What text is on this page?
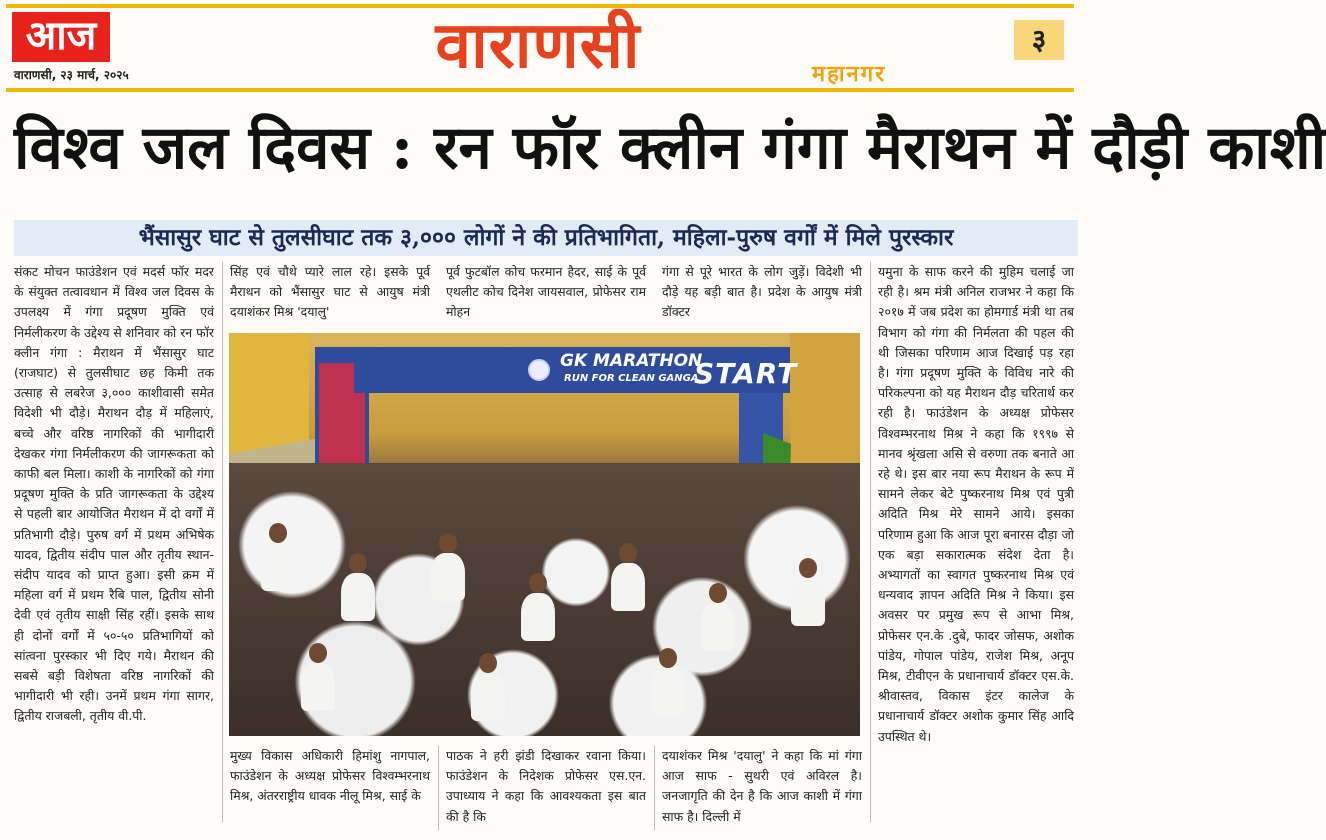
आज
वाराणसी, २३ मार्च, २०२५	वाराणसी	महानगर
३
विश्व जल दिवस : रन फॉर क्लीन गंगा मैराथन में दौड़ी काशी
भैंसासुर घाट से तुलसीघाट तक ३,००० लोगों ने की प्रतिभागिता, महिला-पुरुष वर्गों में मिले पुरस्कार
संकट मोचन फाउंडेशन एवं मदर्स फॉर मदर के संयुक्त तत्वावधान में विश्व जल दिवस के उपलक्ष्य में गंगा प्रदूषण मुक्ति एवं निर्मलीकरण के उद्देश्य से शनिवार को रन फॉर क्लीन गंगा : मैराथन में भैंसासुर घाट (राजघाट) से तुलसीघाट छह किमी तक उत्साह से लबरेज ३,००० काशीवासी समेत विदेशी भी दौड़े। मैराथन दौड़ में महिलाएं, बच्चे और वरिष्ठ नागरिकों की भागीदारी देखकर गंगा निर्मलीकरण की जागरूकता को काफी बल मिला। काशी के नागरिकों को गंगा प्रदूषण मुक्ति के प्रति जागरूकता के उद्देश्य से पहली बार आयोजित मैराथन में दो वर्गों में प्रतिभागी दौड़े। पुरुष वर्ग में प्रथम अभिषेक यादव, द्वितीय संदीप पाल और तृतीय स्थान-संदीप यादव को प्राप्त हुआ। इसी क्रम में महिला वर्ग में प्रथम रैबि पाल, द्वितीय सोनी देवी एवं तृतीय साक्षी सिंह रहीं। इसके साथ ही दोनों वर्गों में ५०-५० प्रतिभागियों को सांत्वना पुरस्कार भी दिए गये। मैराथन की सबसे बड़ी विशेषता वरिष्ठ नागरिकों की भागीदारी भी रही। उनमें प्रथम गंगा सागर, द्वितीय राजबली, तृतीय वी.पी.
सिंह एवं चौथे प्यारे लाल रहे। इसके पूर्व मैराथन को भैंसासुर घाट से आयुष मंत्री दयाशंकर मिश्र 'दयालु'
पूर्व फुटबॉल कोच फरमान हैदर, साई के पूर्व एथलीट कोच दिनेश जायसवाल, प्रोफेसर राम मोहन
गंगा से पूरे भारत के लोग जुड़ें। विदेशी भी दौड़े यह बड़ी बात है। प्रदेश के आयुष मंत्री डॉक्टर
GK MARATHON
RUN FOR CLEAN GANGA
START
मुख्य विकास अधिकारी हिमांशु नागपाल, फाउंडेशन के अध्यक्ष प्रोफेसर विश्वम्भरनाथ मिश्र, अंतरराष्ट्रीय धावक नीलू मिश्र, साई के
पाठक ने हरी झंडी दिखाकर रवाना किया। फाउंडेशन के निदेशक प्रोफेसर एस.एन. उपाध्याय ने कहा कि आवश्यकता इस बात की है कि
दयाशंकर मिश्र 'दयालु' ने कहा कि मां गंगा आज साफ - सुथरी एवं अविरल है। जनजागृति की देन है कि आज काशी में गंगा साफ है। दिल्ली में
यमुना के साफ करने की मुहिम चलाई जा रही है। श्रम मंत्री अनिल राजभर ने कहा कि २०१७ में जब प्रदेश का होमगार्ड मंत्री था तब विभाग को गंगा की निर्मलता की पहल की थी जिसका परिणाम आज दिखाई पड़ रहा है। गंगा प्रदूषण मुक्ति के विविध नारे की परिकल्पना को यह मैराथन दौड़ चरितार्थ कर रही है। फाउंडेशन के अध्यक्ष प्रोफेसर विश्वम्भरनाथ मिश्र ने कहा कि १९९७ से मानव श्रृंखला असि से वरुणा तक बनाते आ रहे थे। इस बार नया रूप मैराथन के रूप में सामने लेकर बेटे पुष्करनाथ मिश्र एवं पुत्री अदिति मिश्र मेरे सामने आये। इसका परिणाम हुआ कि आज पूरा बनारस दौड़ा जो एक बड़ा सकारात्मक संदेश देता है। अभ्यागतों का स्वागत पुष्करनाथ मिश्र एवं धन्यवाद ज्ञापन अदिति मिश्र ने किया। इस अवसर पर प्रमुख रूप से आभा मिश्र, प्रोफेसर एन.के .दुबे, फादर जोसफ, अशोक पांडेय, गोपाल पांडेय, राजेश मिश्र, अनूप मिश्र, टीवीएन के प्रधानाचार्य डॉक्टर एस.के. श्रीवास्तव, विकास इंटर कालेज के प्रधानाचार्य डॉक्टर अशोक कुमार सिंह आदि उपस्थित थे।
